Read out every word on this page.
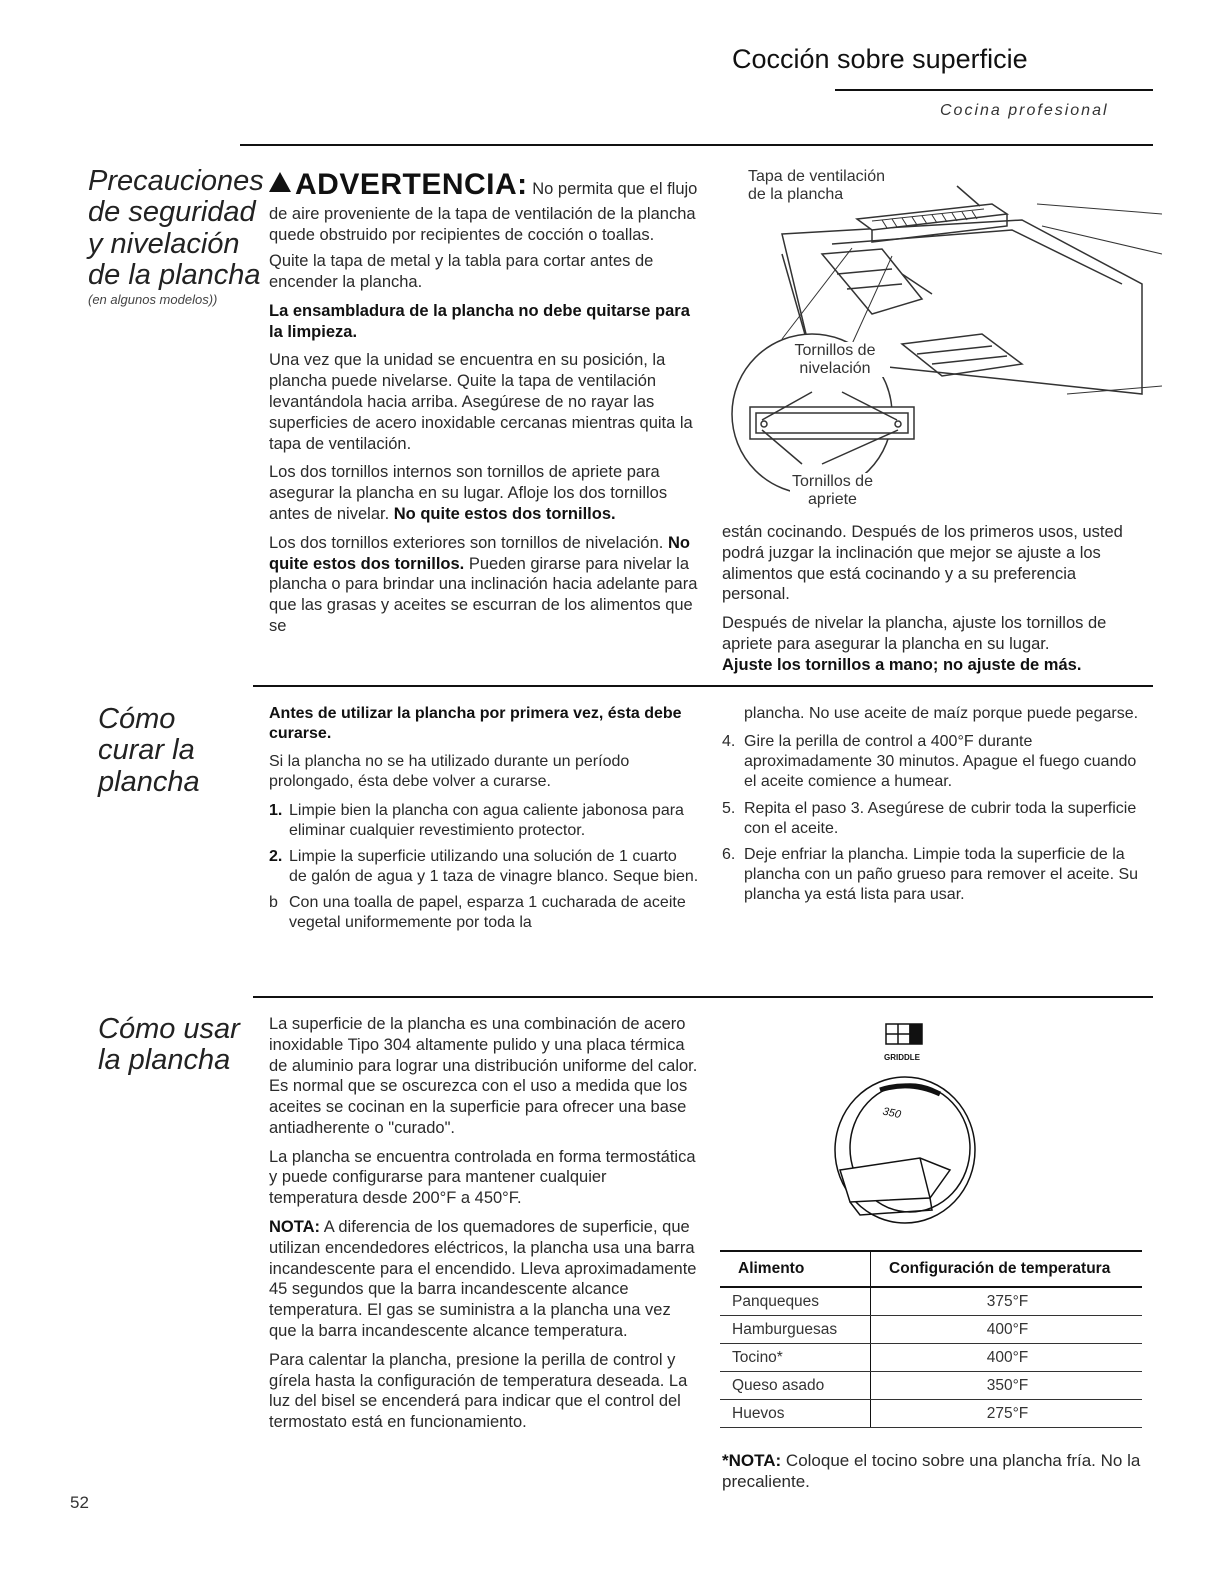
Cocción sobre superficie
Cocina profesional
Precauciones
de seguridad
y nivelación
de la plancha
(en algunos modelos))

ADVERTENCIA: No permita que el flujo de aire proveniente de la tapa de ventilación de la plancha quede obstruido por recipientes de cocción o toallas.

Quite la tapa de metal y la tabla para cortar antes de encender la plancha.

La ensambladura de la plancha no debe quitarse para la limpieza.

Una vez que la unidad se encuentra en su posición, la plancha puede nivelarse. Quite la tapa de ventilación levantándola hacia arriba. Asegúrese de no rayar las superficies de acero inoxidable cercanas mientras quita la tapa de ventilación.

Los dos tornillos internos son tornillos de apriete para asegurar la plancha en su lugar. Afloje los dos tornillos antes de nivelar. No quite estos dos tornillos.

Los dos tornillos exteriores son tornillos de nivelación. No quite estos dos tornillos. Pueden girarse para nivelar la plancha o para brindar una inclinación hacia adelante para que las grasas y aceites se escurran de los alimentos que se

Tapa de ventilación de la plancha
Tornillos de nivelación
Tornillos de apriete

están cocinando. Después de los primeros usos, usted podrá juzgar la inclinación que mejor se ajuste a los alimentos que está cocinando y a su preferencia personal.

Después de nivelar la plancha, ajuste los tornillos de apriete para asegurar la plancha en su lugar.

Ajuste los tornillos a mano; no ajuste de más.

Cómo
curar la
plancha

Antes de utilizar la plancha por primera vez, ésta debe curarse.

Si la plancha no se ha utilizado durante un período prolongado, ésta debe volver a curarse.

1. Limpie bien la plancha con agua caliente jabonosa para eliminar cualquier revestimiento protector.
2. Limpie la superficie utilizando una solución de 1 cuarto de galón de agua y 1 taza de vinagre blanco. Seque bien.
b Con una toalla de papel, esparza 1 cucharada de aceite vegetal uniformemente por toda la

plancha. No use aceite de maíz porque puede pegarse.

4. Gire la perilla de control a 400°F durante aproximadamente 30 minutos. Apague el fuego cuando el aceite comience a humear.
5. Repita el paso 3. Asegúrese de cubrir toda la superficie con el aceite.
6. Deje enfriar la plancha. Limpie toda la superficie de la plancha con un paño grueso para remover el aceite. Su plancha ya está lista para usar.
Cómo usar
la plancha

La superficie de la plancha es una combinación de acero inoxidable Tipo 304 altamente pulido y una placa térmica de aluminio para lograr una distribución uniforme del calor. Es normal que se oscurezca con el uso a medida que los aceites se cocinan en la superficie para ofrecer una base antiadherente o "curado".

La plancha se encuentra controlada en forma termostática y puede configurarse para mantener cualquier temperatura desde 200°F a 450°F.

NOTA: A diferencia de los quemadores de superficie, que utilizan encendedores eléctricos, la plancha usa una barra incandescente para el encendido. Lleva aproximadamente 45 segundos que la barra incandescente alcance temperatura. El gas se suministra a la plancha una vez que la barra incandescente alcance temperatura.

Para calentar la plancha, presione la perilla de control y gírela hasta la configuración de temperatura deseada. La luz del bisel se encenderá para indicar que el control del termostato está en funcionamiento.

GRIDDLE
350
Alimento	Configuración de temperatura
Panqueques	375°F
Hamburguesas	400°F
Tocino*	400°F
Queso asado	350°F
Huevos	275°F
*NOTA: Coloque el tocino sobre una plancha fría. No la precaliente.
52
